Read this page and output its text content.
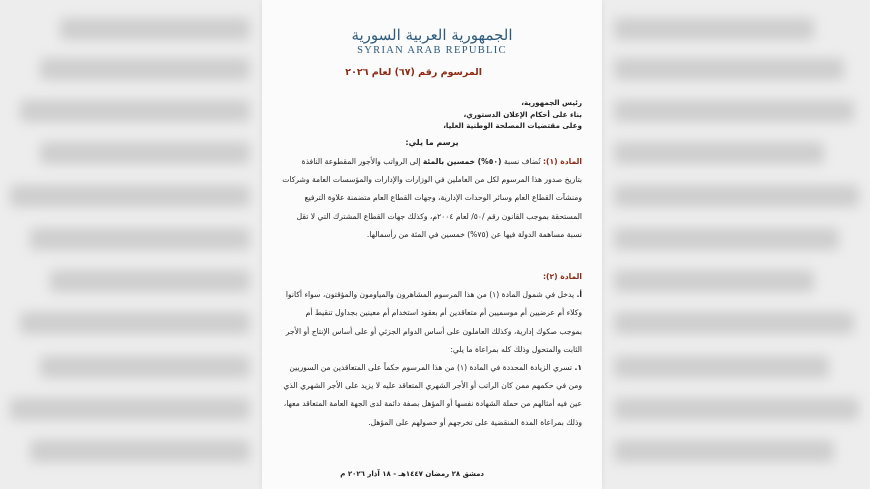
الجمهورية العربية السورية
SYRIAN ARAB REPUBLIC
المرسوم رقم (٦٧) لعام ٢٠٢٦
رئيس الجمهورية،
بناء على أحكام الإعلان الدستوري،
وعلى مقتضيات المصلحة الوطنية العليا،
يرسم ما يلي:
المادة (١): تُضاف نسبة (٥٠%) خمسين بالمئة إلى الرواتب والأجور المقطوعة النافذة بتاريخ صدور هذا المرسوم لكل من العاملين في الوزارات والإدارات والمؤسسات العامة وشركات ومنشآت القطاع العام وسائر الوحدات الإدارية، وجهات القطاع العام متضمنة علاوة الترفيع المستحقة بموجب القانون رقم /٥٠/ لعام ٢٠٠٤م، وكذلك جهات القطاع المشترك التي لا تقل نسبة مساهمة الدولة فيها عن (٧٥%) خمسين في المئة من رأسمالها.
المادة (٢):
أ. يدخل في شمول المادة (١) من هذا المرسوم المشاهرون والمياومون والمؤقتون، سواء أكانوا وكلاء أم عرضيين أم موسميين أم متعاقدين أم بعقود استخدام أم معينين بجداول تنقيط أم بموجب صكوك إدارية، وكذلك العاملون على أساس الدوام الجزئي أو على أساس الإنتاج أو الأجر الثابت والمتحول وذلك كله بمراعاة ما يلي:
١. تسري الزيادة المحددة في المادة (١) من هذا المرسوم حكماً على المتعاقدين من السوريين ومن في حكمهم ممن كان الراتب أو الأجر الشهري المتعاقد عليه لا يزيد على الأجر الشهري الذي عين فيه أمثالهم من حملة الشهادة نفسها أو المؤهل بصفة دائمة لدى الجهة العامة المتعاقد معها، وذلك بمراعاة المدة المنقضية على تخرجهم أو حصولهم على المؤهل.
دمشق ٢٨ رمضان ١٤٤٧هـ - ١٨ آذار ٢٠٢٦ م
